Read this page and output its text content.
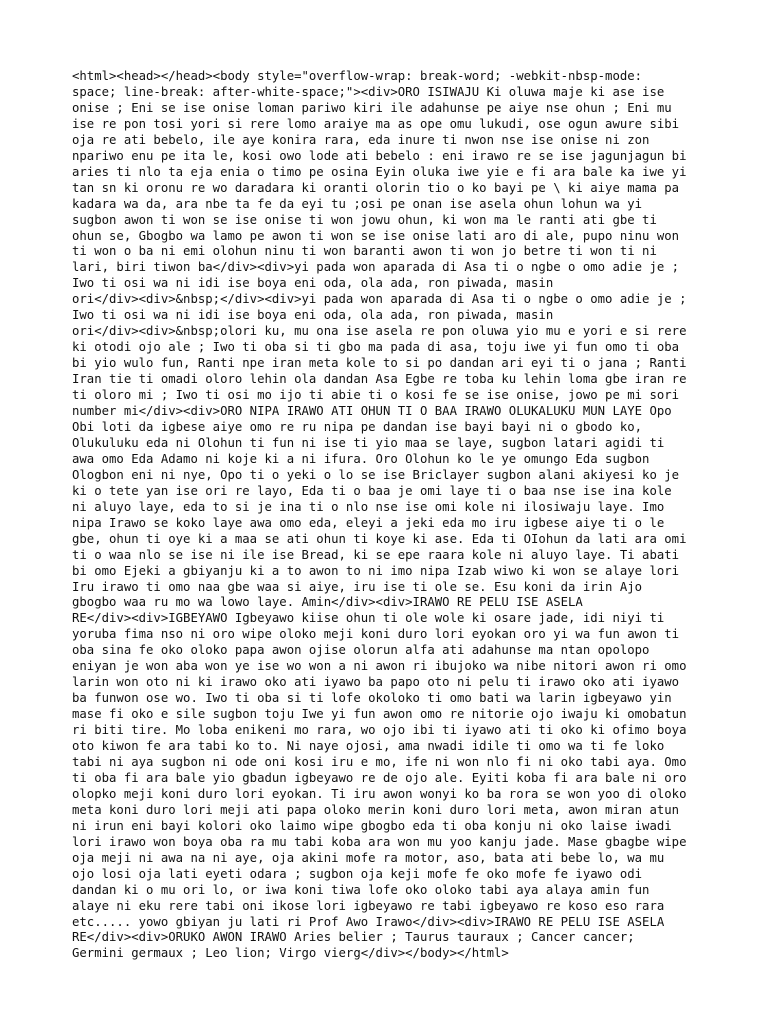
<html><head></head><body style="overflow-wrap: break-word; -webkit-nbsp-mode:
space; line-break: after-white-space;"><div>ORO ISIWAJU Ki oluwa maje ki ase ise
onise ; Eni se ise onise loman pariwo kiri ile adahunse pe aiye nse ohun ; Eni mu
ise re pon tosi yori si rere lomo araiye ma as ope omu lukudi, ose ogun awure sibi
oja re ati bebelo, ile aye konira rara, eda inure ti nwon nse ise onise ni zon
npariwo enu pe ita le, kosi owo lode ati bebelo : eni irawo re se ise jagunjagun bi
aries ti nlo ta eja enia o timo pe osina Eyin oluka iwe yie e fi ara bale ka iwe yi
tan sn ki oronu re wo daradara ki oranti olorin tio o ko bayi pe \ ki aiye mama pa
kadara wa da, ara nbe ta fe da eyi tu ;osi pe onan ise asela ohun lohun wa yi
sugbon awon ti won se ise onise ti won jowu ohun, ki won ma le ranti ati gbe ti
ohun se, Gbogbo wa lamo pe awon ti won se ise onise lati aro di ale, pupo ninu won
ti won o ba ni emi olohun ninu ti won baranti awon ti won jo betre ti won ti ni
lari, biri tiwon ba</div><div>yi pada won aparada di Asa ti o ngbe o omo adie je ;
Iwo ti osi wa ni idi ise boya eni oda, ola ada, ron piwada, masin
ori</div><div>&nbsp;</div><div>yi pada won aparada di Asa ti o ngbe o omo adie je ;
Iwo ti osi wa ni idi ise boya eni oda, ola ada, ron piwada, masin
ori</div><div>&nbsp;olori ku, mu ona ise asela re pon oluwa yio mu e yori e si rere
ki otodi ojo ale ; Iwo ti oba si ti gbo ma pada di asa, toju iwe yi fun omo ti oba
bi yio wulo fun, Ranti npe iran meta kole to si po dandan ari eyi ti o jana ; Ranti
Iran tie ti omadi oloro lehin ola dandan Asa Egbe re toba ku lehin loma gbe iran re
ti oloro mi ; Iwo ti osi mo ijo ti abie ti o kosi fe se ise onise, jowo pe mi sori
number mi</div><div>ORO NIPA IRAWO ATI OHUN TI O BAA IRAWO OLUKALUKU MUN LAYE Opo
Obi loti da igbese aiye omo re ru nipa pe dandan ise bayi bayi ni o gbodo ko,
Olukuluku eda ni Olohun ti fun ni ise ti yio maa se laye, sugbon latari agidi ti
awa omo Eda Adamo ni koje ki a ni ifura. Oro Olohun ko le ye omungo Eda sugbon
Ologbon eni ni nye, Opo ti o yeki o lo se ise Briclayer sugbon alani akiyesi ko je
ki o tete yan ise ori re layo, Eda ti o baa je omi laye ti o baa nse ise ina kole
ni aluyo laye, eda to si je ina ti o nlo nse ise omi kole ni ilosiwaju laye. Imo
nipa Irawo se koko laye awa omo eda, eleyi a jeki eda mo iru igbese aiye ti o le
gbe, ohun ti oye ki a maa se ati ohun ti koye ki ase. Eda ti OIohun da lati ara omi
ti o waa nlo se ise ni ile ise Bread, ki se epe raara kole ni aluyo laye. Ti abati
bi omo Ejeki a gbiyanju ki a to awon to ni imo nipa Izab wiwo ki won se alaye lori
Iru irawo ti omo naa gbe waa si aiye, iru ise ti ole se. Esu koni da irin Ajo
gbogbo waa ru mo wa lowo laye. Amin</div><div>IRAWO RE PELU ISE ASELA
RE</div><div>IGBEYAWO Igbeyawo kiise ohun ti ole wole ki osare jade, idi niyi ti
yoruba fima nso ni oro wipe oloko meji koni duro lori eyokan oro yi wa fun awon ti
oba sina fe oko oloko papa awon ojise olorun alfa ati adahunse ma ntan opolopo
eniyan je won aba won ye ise wo won a ni awon ri ibujoko wa nibe nitori awon ri omo
larin won oto ni ki irawo oko ati iyawo ba papo oto ni pelu ti irawo oko ati iyawo
ba funwon ose wo. Iwo ti oba si ti lofe okoloko ti omo bati wa larin igbeyawo yin
mase fi oko e sile sugbon toju Iwe yi fun awon omo re nitorie ojo iwaju ki omobatun
ri biti tire. Mo loba enikeni mo rara, wo ojo ibi ti iyawo ati ti oko ki ofimo boya
oto kiwon fe ara tabi ko to. Ni naye ojosi, ama nwadi idile ti omo wa ti fe loko
tabi ni aya sugbon ni ode oni kosi iru e mo, ife ni won nlo fi ni oko tabi aya. Omo
ti oba fi ara bale yio gbadun igbeyawo re de ojo ale. Eyiti koba fi ara bale ni oro
olopko meji koni duro lori eyokan. Ti iru awon wonyi ko ba rora se won yoo di oloko
meta koni duro lori meji ati papa oloko merin koni duro lori meta, awon miran atun
ni irun eni bayi kolori oko laimo wipe gbogbo eda ti oba konju ni oko laise iwadi
lori irawo won boya oba ra mu tabi koba ara won mu yoo kanju jade. Mase gbagbe wipe
oja meji ni awa na ni aye, oja akini mofe ra motor, aso, bata ati bebe lo, wa mu
ojo losi oja lati eyeti odara ; sugbon oja keji mofe fe oko mofe fe iyawo odi
dandan ki o mu ori lo, or iwa koni tiwa lofe oko oloko tabi aya alaya amin fun
alaye ni eku rere tabi oni ikose lori igbeyawo re tabi igbeyawo re koso eso rara
etc..... yowo gbiyan ju lati ri Prof Awo Irawo</div><div>IRAWO RE PELU ISE ASELA
RE</div><div>ORUKO AWON IRAWO Aries belier ; Taurus tauraux ; Cancer cancer;
Germini germaux ; Leo lion; Virgo vierg</div></body></html>
